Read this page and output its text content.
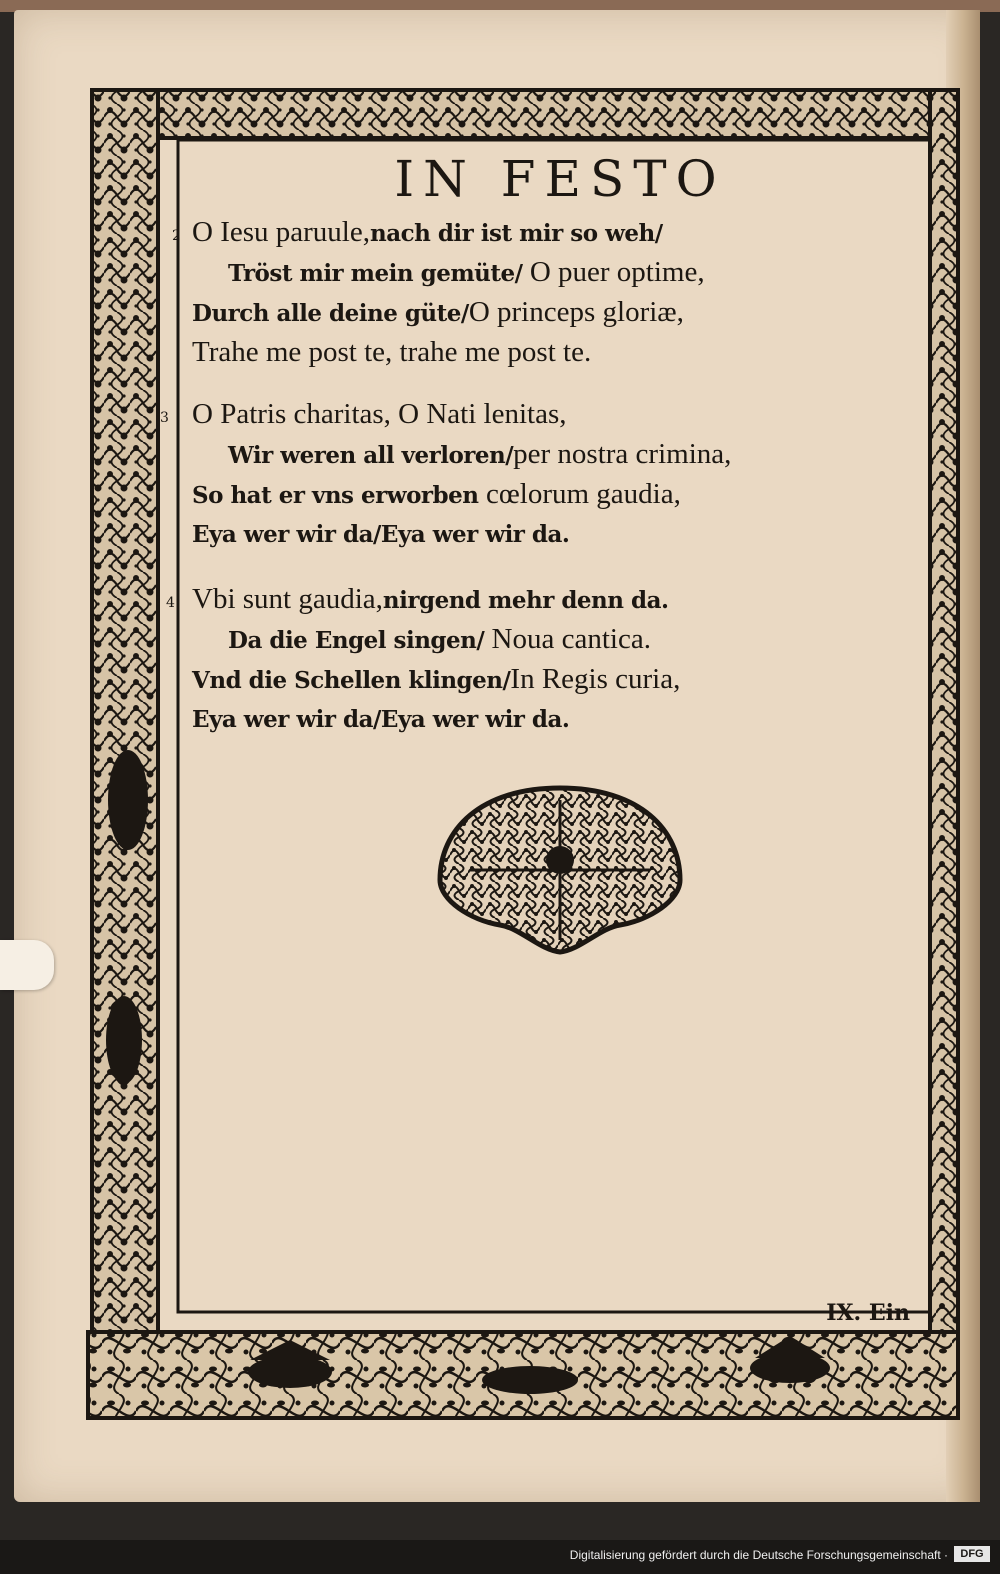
IN FESTO
2 O Iesu paruule,nach dir ist mir so weh/
Tröst mir mein gemüte/ O puer optime,
Durch alle deine güte/O princeps gloriæ,
Trahe me post te, trahe me post te.
3 O Patris charitas, O Nati lenitas,
Wir weren all verloren/per nostra crimina,
So hat er vns erworben cœlorum gaudia,
Eya wer wir da/Eya wer wir da.
4 Vbi sunt gaudia,nirgend mehr denn da.
Da die Engel singen/ Noua cantica.
Vnd die Schellen klingen/In Regis curia,
Eya wer wir da/Eya wer wir da.
IX. Ein
Digitalisierung gefördert durch die Deutsche Forschungsgemeinschaft ·	DFG
